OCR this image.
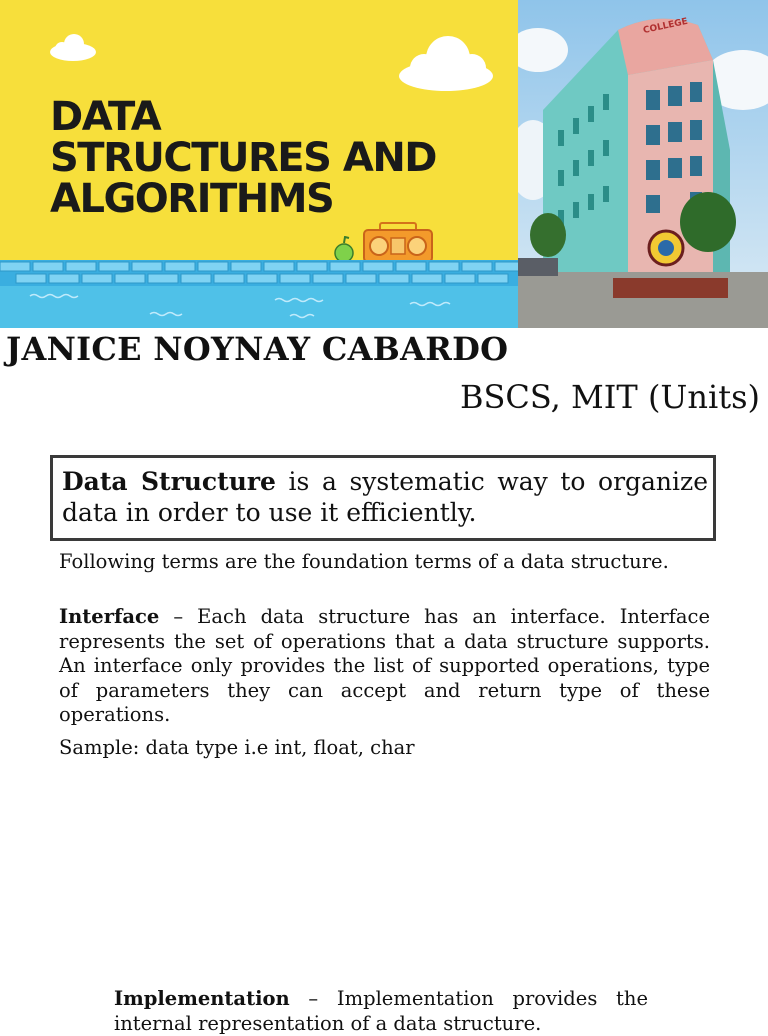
DATA
STRUCTURES AND
ALGORITHMS
COLLEGE
JANICE NOYNAY CABARDO

BSCS, MIT (Units)

Data Structure is a systematic way to organize data in order to use it efficiently.

Following terms are the foundation terms of a data structure.

Interface – Each data structure has an interface. Interface represents the set of operations that a data structure supports. An interface only provides the list of supported operations, type of parameters they can accept and return type of these operations.

Sample: data type i.e int, float, char

Implementation – Implementation provides the internal representation of a data structure.
